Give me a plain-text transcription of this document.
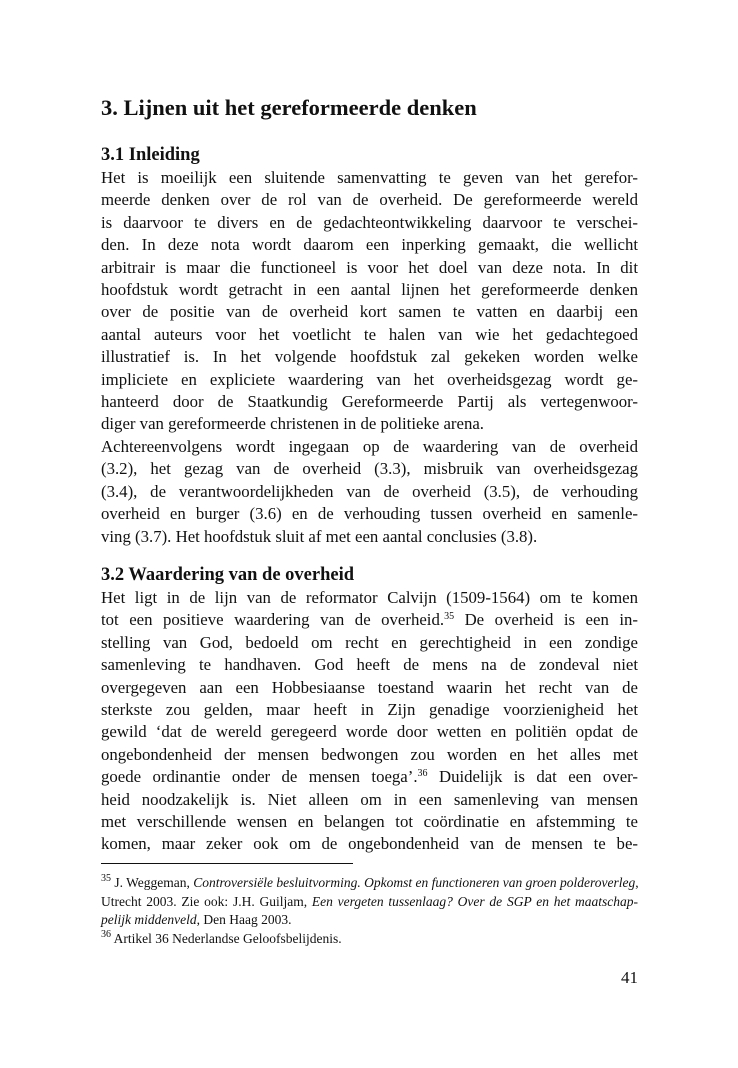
3. Lijnen uit het gereformeerde denken
3.1 Inleiding
Het is moeilijk een sluitende samenvatting te geven van het gerefor-
meerde denken over de rol van de overheid. De gereformeerde wereld
is daarvoor te divers en de gedachteontwikkeling daarvoor te verschei-
den. In deze nota wordt daarom een inperking gemaakt, die wellicht
arbitrair is maar die functioneel is voor het doel van deze nota. In dit
hoofdstuk wordt getracht in een aantal lijnen het gereformeerde denken
over de positie van de overheid kort samen te vatten en daarbij een
aantal auteurs voor het voetlicht te halen van wie het gedachtegoed
illustratief is. In het volgende hoofdstuk zal gekeken worden welke
impliciete en expliciete waardering van het overheidsgezag wordt ge-
hanteerd door de Staatkundig Gereformeerde Partij als vertegenwoor-
diger van gereformeerde christenen in de politieke arena.
Achtereenvolgens wordt ingegaan op de waardering van de overheid
(3.2), het gezag van de overheid (3.3), misbruik van overheidsgezag
(3.4), de verantwoordelijkheden van de overheid (3.5), de verhouding
overheid en burger (3.6) en de verhouding tussen overheid en samenle-
ving (3.7). Het hoofdstuk sluit af met een aantal conclusies (3.8).
3.2 Waardering van de overheid
Het ligt in de lijn van de reformator Calvijn (1509-1564) om te komen
tot een positieve waardering van de overheid.$^{35}$ De overheid is een in-
stelling van God, bedoeld om recht en gerechtigheid in een zondige
samenleving te handhaven. God heeft de mens na de zondeval niet
overgegeven aan een Hobbesiaanse toestand waarin het recht van de
sterkste zou gelden, maar heeft in Zijn genadige voorzienigheid het
gewild ‘dat de wereld geregeerd worde door wetten en politiën opdat de
ongebondenheid der mensen bedwongen zou worden en het alles met
goede ordinantie onder de mensen toega’.$^{36}$ Duidelijk is dat een over-
heid noodzakelijk is. Niet alleen om in een samenleving van mensen
met verschillende wensen en belangen tot coördinatie en afstemming te
komen, maar zeker ook om de ongebondenheid van de mensen te be-
$^{35}$ J. Weggeman, Controversiële besluitvorming. Opkomst en functioneren van groen polderoverleg,
Utrecht 2003. Zie ook: J.H. Guiljam, Een vergeten tussenlaag? Over de SGP en het maatschap-
pelijk middenveld, Den Haag 2003.
$^{36}$ Artikel 36 Nederlandse Geloofsbelijdenis.
41
